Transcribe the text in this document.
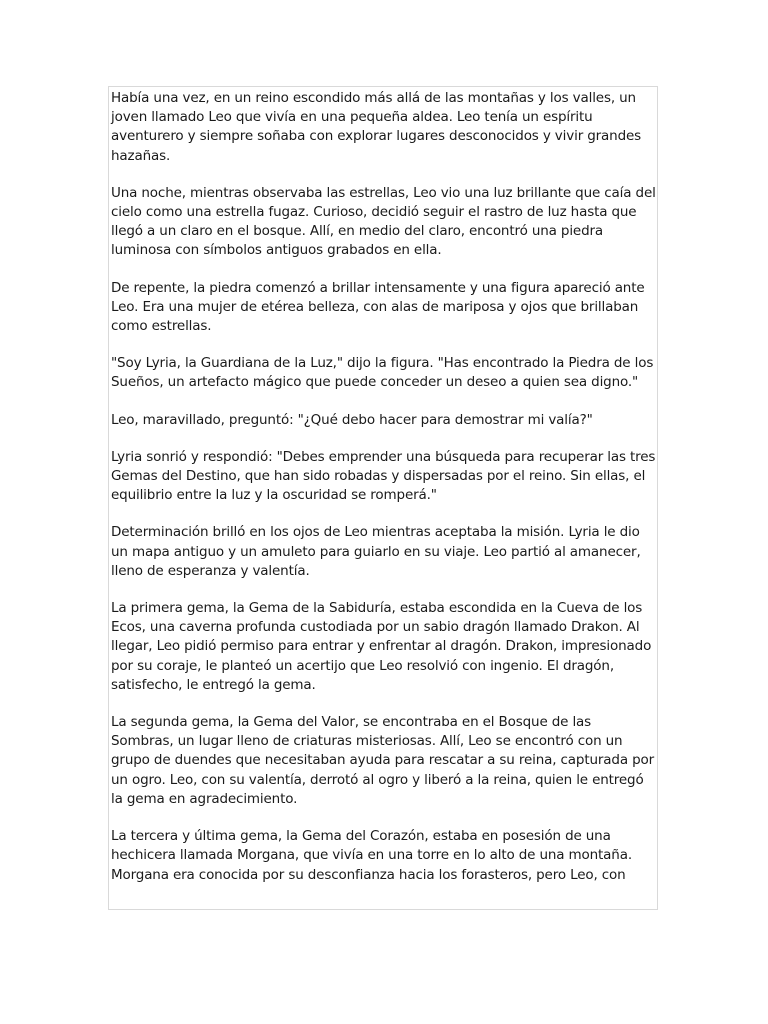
Había una vez, en un reino escondido más allá de las montañas y los valles, un joven llamado Leo que vivía en una pequeña aldea. Leo tenía un espíritu aventurero y siempre soñaba con explorar lugares desconocidos y vivir grandes hazañas.

Una noche, mientras observaba las estrellas, Leo vio una luz brillante que caía del cielo como una estrella fugaz. Curioso, decidió seguir el rastro de luz hasta que llegó a un claro en el bosque. Allí, en medio del claro, encontró una piedra luminosa con símbolos antiguos grabados en ella.

De repente, la piedra comenzó a brillar intensamente y una figura apareció ante Leo. Era una mujer de etérea belleza, con alas de mariposa y ojos que brillaban como estrellas.

"Soy Lyria, la Guardiana de la Luz," dijo la figura. "Has encontrado la Piedra de los Sueños, un artefacto mágico que puede conceder un deseo a quien sea digno."

Leo, maravillado, preguntó: "¿Qué debo hacer para demostrar mi valía?"

Lyria sonrió y respondió: "Debes emprender una búsqueda para recuperar las tres Gemas del Destino, que han sido robadas y dispersadas por el reino. Sin ellas, el equilibrio entre la luz y la oscuridad se romperá."

Determinación brilló en los ojos de Leo mientras aceptaba la misión. Lyria le dio un mapa antiguo y un amuleto para guiarlo en su viaje. Leo partió al amanecer, lleno de esperanza y valentía.

La primera gema, la Gema de la Sabiduría, estaba escondida en la Cueva de los Ecos, una caverna profunda custodiada por un sabio dragón llamado Drakon. Al llegar, Leo pidió permiso para entrar y enfrentar al dragón. Drakon, impresionado por su coraje, le planteó un acertijo que Leo resolvió con ingenio. El dragón, satisfecho, le entregó la gema.

La segunda gema, la Gema del Valor, se encontraba en el Bosque de las Sombras, un lugar lleno de criaturas misteriosas. Allí, Leo se encontró con un grupo de duendes que necesitaban ayuda para rescatar a su reina, capturada por un ogro. Leo, con su valentía, derrotó al ogro y liberó a la reina, quien le entregó la gema en agradecimiento.

La tercera y última gema, la Gema del Corazón, estaba en posesión de una hechicera llamada Morgana, que vivía en una torre en lo alto de una montaña. Morgana era conocida por su desconfianza hacia los forasteros, pero Leo, con
